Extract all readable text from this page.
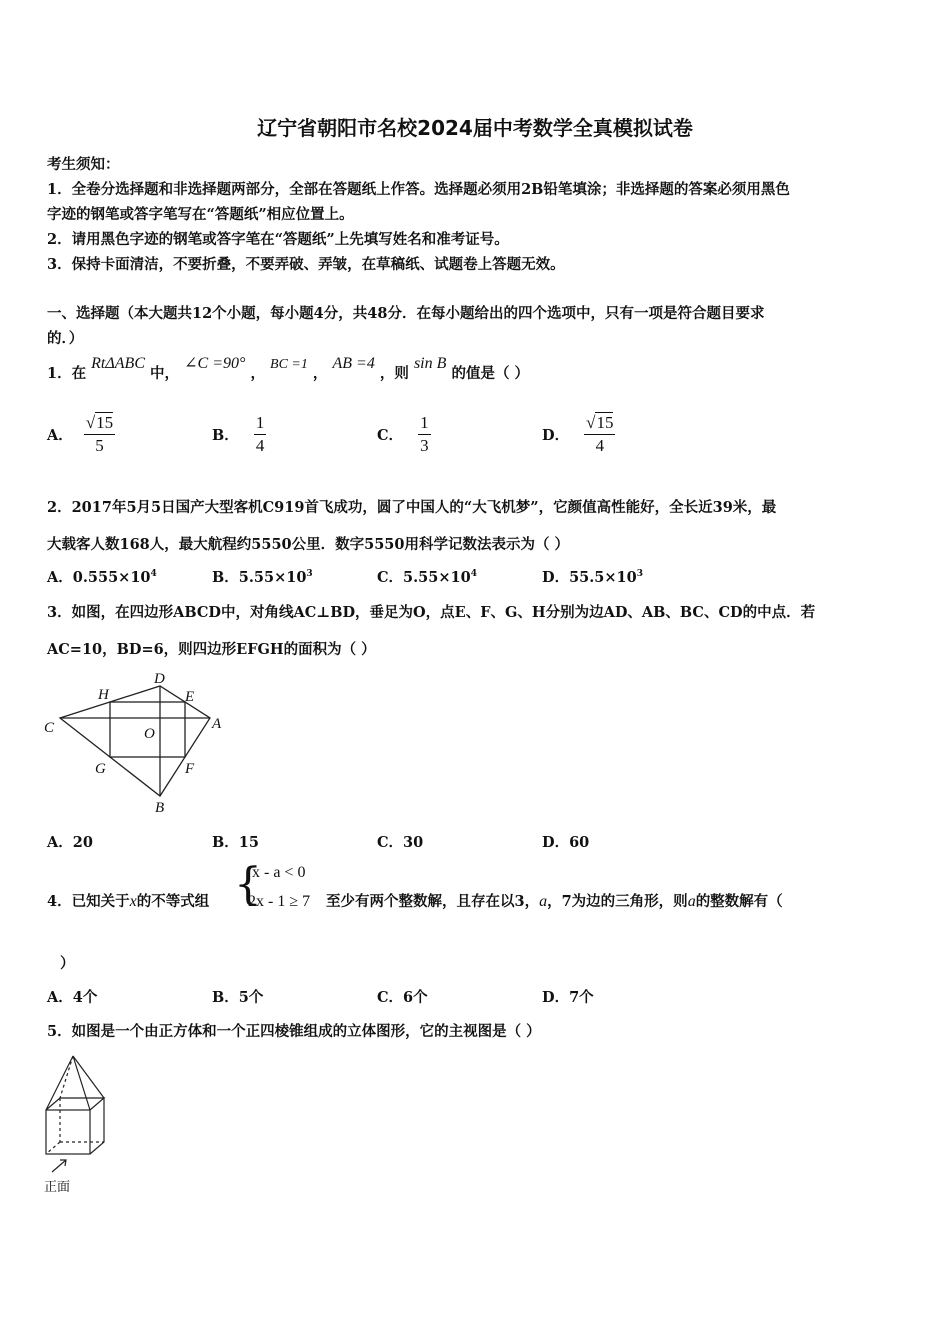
辽宁省朝阳市名校2024届中考数学全真模拟试卷
考生须知：
1．全卷分选择题和非选择题两部分，全部在答题纸上作答。选择题必须用2B铅笔填涂；非选择题的答案必须用黑色
字迹的钢笔或答字笔写在“答题纸”相应位置上。
2．请用黑色字迹的钢笔或答字笔在“答题纸”上先填写姓名和准考证号。
3．保持卡面清洁，不要折叠，不要弄破、弄皱，在草稿纸、试题卷上答题无效。
一、选择题（本大题共12个小题，每小题4分，共48分．在每小题给出的四个选项中，只有一项是符合题目要求
的．）
1．在 RtΔABC 中， ∠C =90° ， BC =1 ， AB =4 ，则 sin B 的值是（ ）
A． $\frac{√15}{5}$	B． $\frac{1}{4}$	C． $\frac{1}{3}$	D． $\frac{√15}{4}$
2．2017年5月5日国产大型客机C919首飞成功，圆了中国人的“大飞机梦”，它颜值高性能好，全长近39米，最
大载客人数168人，最大航程约5550公里．数字5550用科学记数法表示为（ ）
A．$0.555\times 10^4$	B．$5.55\times 10^3$	C．$5.55\times 10^4$	D．$55.5\times 10^3$
3．如图，在四边形ABCD中，对角线AC⊥BD，垂足为O，点E、F、G、H分别为边AD、AB、BC、CD的中点．若
AC=10，BD=6，则四边形EFGH的面积为（ ）
D
H	E
C	O
A
G	F
B
A．20	B．15	C．30	D．60
4．已知关于x的不等式组 {
x - a < 0
2x - 1 ≥ 7 至少有两个整数解，且存在以3，a，7为边的三角形，则a的整数解有（
）
A．4个	B．5个	C．6个	D．7个
5．如图是一个由正方体和一个正四棱锥组成的立体图形，它的主视图是（ ）
正面
